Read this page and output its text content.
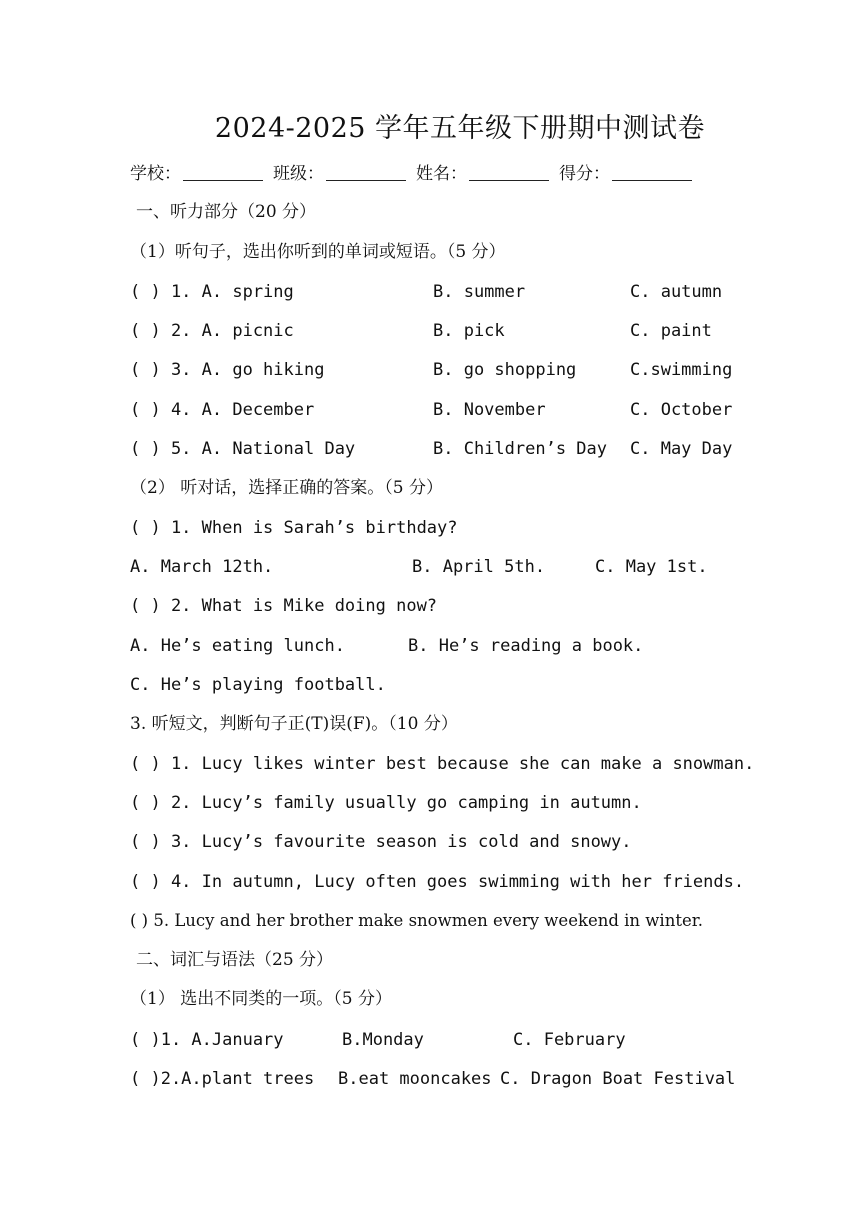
2024-2025 学年五年级下册期中测试卷
学校：	班级：	姓名：	得分：
一、听力部分（20 分）
（1）听句子，选出你听到的单词或短语。（5 分）
( ) 1. A. spring	B. summer	C. autumn
( ) 2. A. picnic	B. pick	C. paint
( ) 3. A. go hiking	B. go shopping	C.swimming
( ) 4. A. December	B. November	C. October
( ) 5. A. National Day	B. Children’s Day C. May Day
（2） 听对话，选择正确的答案。（5 分）
( ) 1. When is Sarah’s birthday?
A. March 12th.	B. April 5th.	C. May 1st.
( ) 2. What is Mike doing now?
A. He’s eating lunch.	B. He’s reading a book.
C. He’s playing football.
3. 听短文，判断句子正(T)误(F)。（10 分）
( ) 1. Lucy likes winter best because she can make a snowman.
( ) 2. Lucy’s family usually go camping in autumn.
( ) 3. Lucy’s favourite season is cold and snowy.
( ) 4. In autumn, Lucy often goes swimming with her friends.
( ) 5. Lucy and her brother make snowmen every weekend in winter.
二、词汇与语法（25 分）
（1） 选出不同类的一项。（5 分）
( )1. A.January	B.Monday	C. February
( )2.A.plant trees B.eat mooncakes C. Dragon Boat Festival
